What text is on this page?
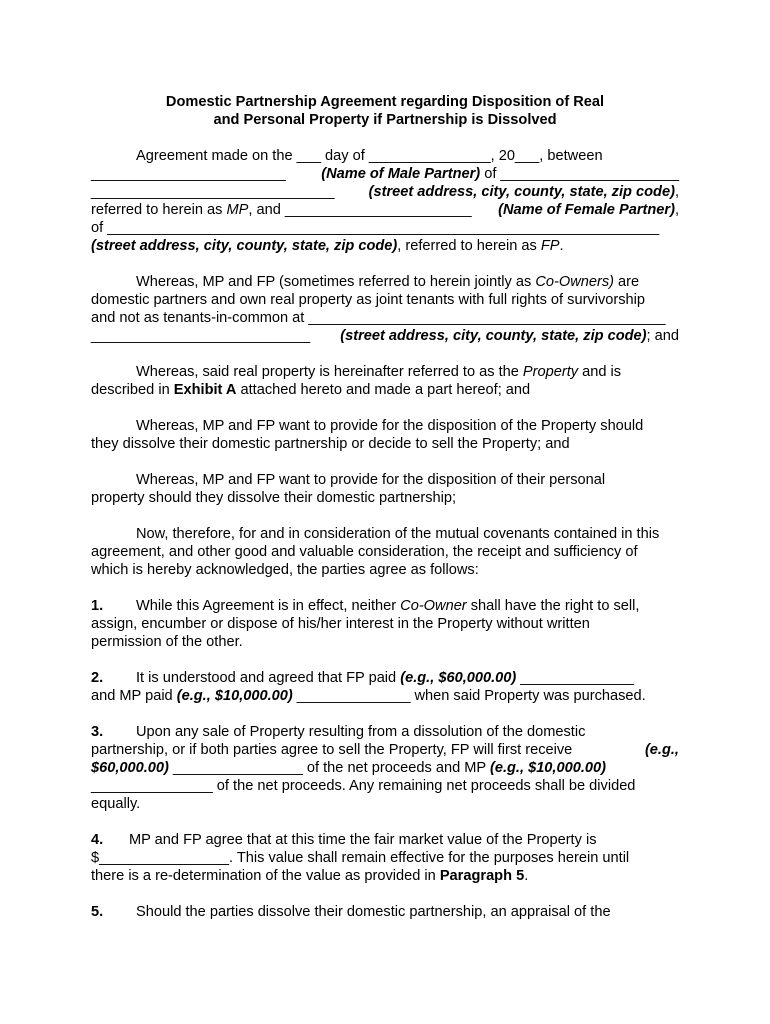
Domestic Partnership Agreement regarding Disposition of Real
and Personal Property if Partnership is Dissolved
Agreement made on the ___ day of _______________, 20___, between
________________________ (Name of Male Partner) of ______________________
______________________________ (street address, city, county, state, zip code),
referred to herein as MP, and _______________________ (Name of Female Partner),
of ____________________________________________________________________
(street address, city, county, state, zip code), referred to herein as FP.
Whereas, MP and FP (sometimes referred to herein jointly as Co-Owners) are
domestic partners and own real property as joint tenants with full rights of survivorship
and not as tenants-in-common at ____________________________________________
___________________________ (street address, city, county, state, zip code); and
Whereas, said real property is hereinafter referred to as the Property and is
described in Exhibit A attached hereto and made a part hereof; and
Whereas, MP and FP want to provide for the disposition of the Property should
they dissolve their domestic partnership or decide to sell the Property; and
Whereas, MP and FP want to provide for the disposition of their personal
property should they dissolve their domestic partnership;
Now, therefore, for and in consideration of the mutual covenants contained in this
agreement, and other good and valuable consideration, the receipt and sufficiency of
which is hereby acknowledged, the parties agree as follows:
1. While this Agreement is in effect, neither Co-Owner shall have the right to sell,
assign, encumber or dispose of his/her interest in the Property without written
permission of the other.
2. It is understood and agreed that FP paid (e.g., $60,000.00) ______________
and MP paid (e.g., $10,000.00) ______________ when said Property was purchased.
3. Upon any sale of Property resulting from a dissolution of the domestic
partnership, or if both parties agree to sell the Property, FP will first receive	(e.g.,
$60,000.00) ________________ of the net proceeds and MP (e.g., $10,000.00)
_______________ of the net proceeds. Any remaining net proceeds shall be divided
equally.
4. MP and FP agree that at this time the fair market value of the Property is
$________________. This value shall remain effective for the purposes herein until
there is a re-determination of the value as provided in Paragraph 5.
5. Should the parties dissolve their domestic partnership, an appraisal of the
